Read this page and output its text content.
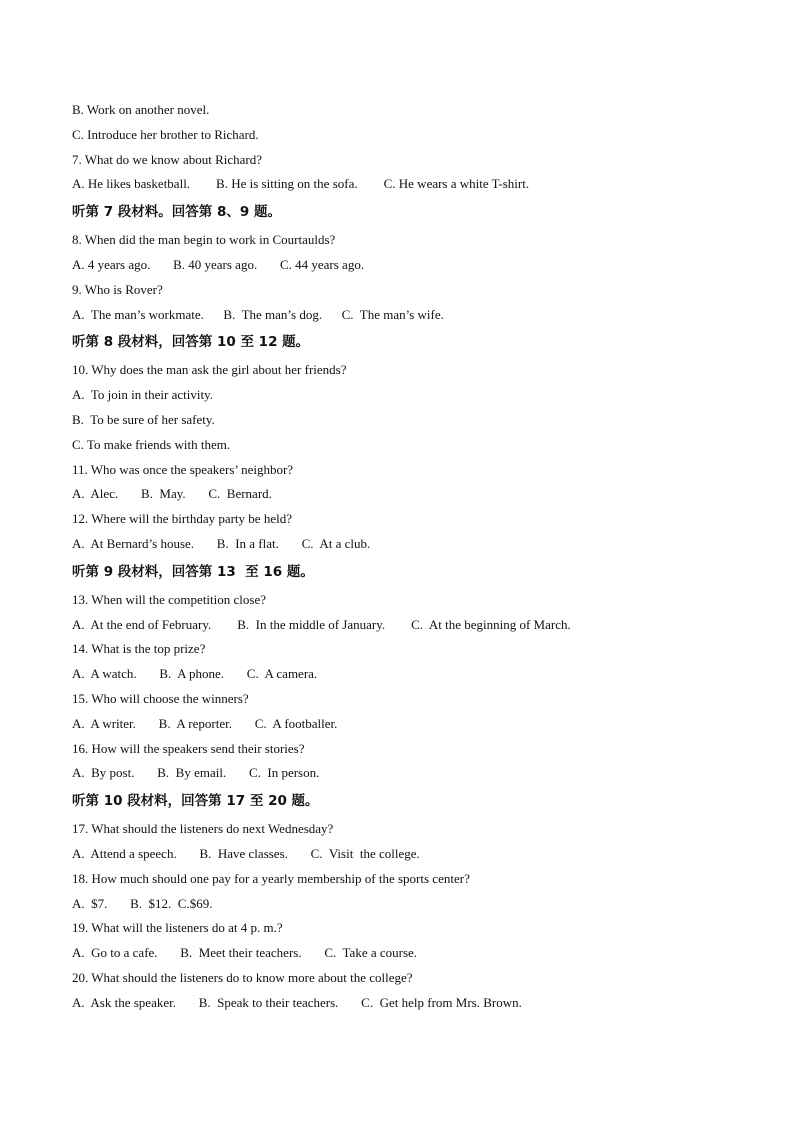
B. Work on another novel.
C. Introduce her brother to Richard.
7. What do we know about Richard?
A. He likes basketball.        B. He is sitting on the sofa.        C. He wears a white T-shirt.
听第 7 段材料。回答第 8、9 题。
8. When did the man begin to work in Courtaulds?
A. 4 years ago.       B. 40 years ago.       C. 44 years ago.
9. Who is Rover?
A.  The man’s workmate.      B.  The man’s dog.      C.  The man’s wife.
听第 8 段材料，回答第 10 至 12 题。
10. Why does the man ask the girl about her friends?
A.  To join in their activity.
B.  To be sure of her safety.
C. To make friends with them.
11. Who was once the speakers’ neighbor?
A.  Alec.       B.  May.       C.  Bernard.
12. Where will the birthday party be held?
A.  At Bernard’s house.       B.  In a flat.       C.  At a club.
听第 9 段材料，回答第 13  至 16 题。
13. When will the competition close?
A.  At the end of February.        B.  In the middle of January.        C.  At the beginning of March.
14. What is the top prize?
A.  A watch.       B.  A phone.       C.  A camera.
15. Who will choose the winners?
A.  A writer.       B.  A reporter.       C.  A footballer.
16. How will the speakers send their stories?
A.  By post.       B.  By email.       C.  In person.
听第 10 段材料，回答第 17 至 20 题。
17. What should the listeners do next Wednesday?
A.  Attend a speech.       B.  Have classes.       C.  Visit  the college.
18. How much should one pay for a yearly membership of the sports center?
A.  $7.       B.  $12.  C.$69.
19. What will the listeners do at 4 p. m.?
A.  Go to a cafe.       B.  Meet their teachers.       C.  Take a course.
20. What should the listeners do to know more about the college?
A.  Ask the speaker.       B.  Speak to their teachers.       C.  Get help from Mrs. Brown.
